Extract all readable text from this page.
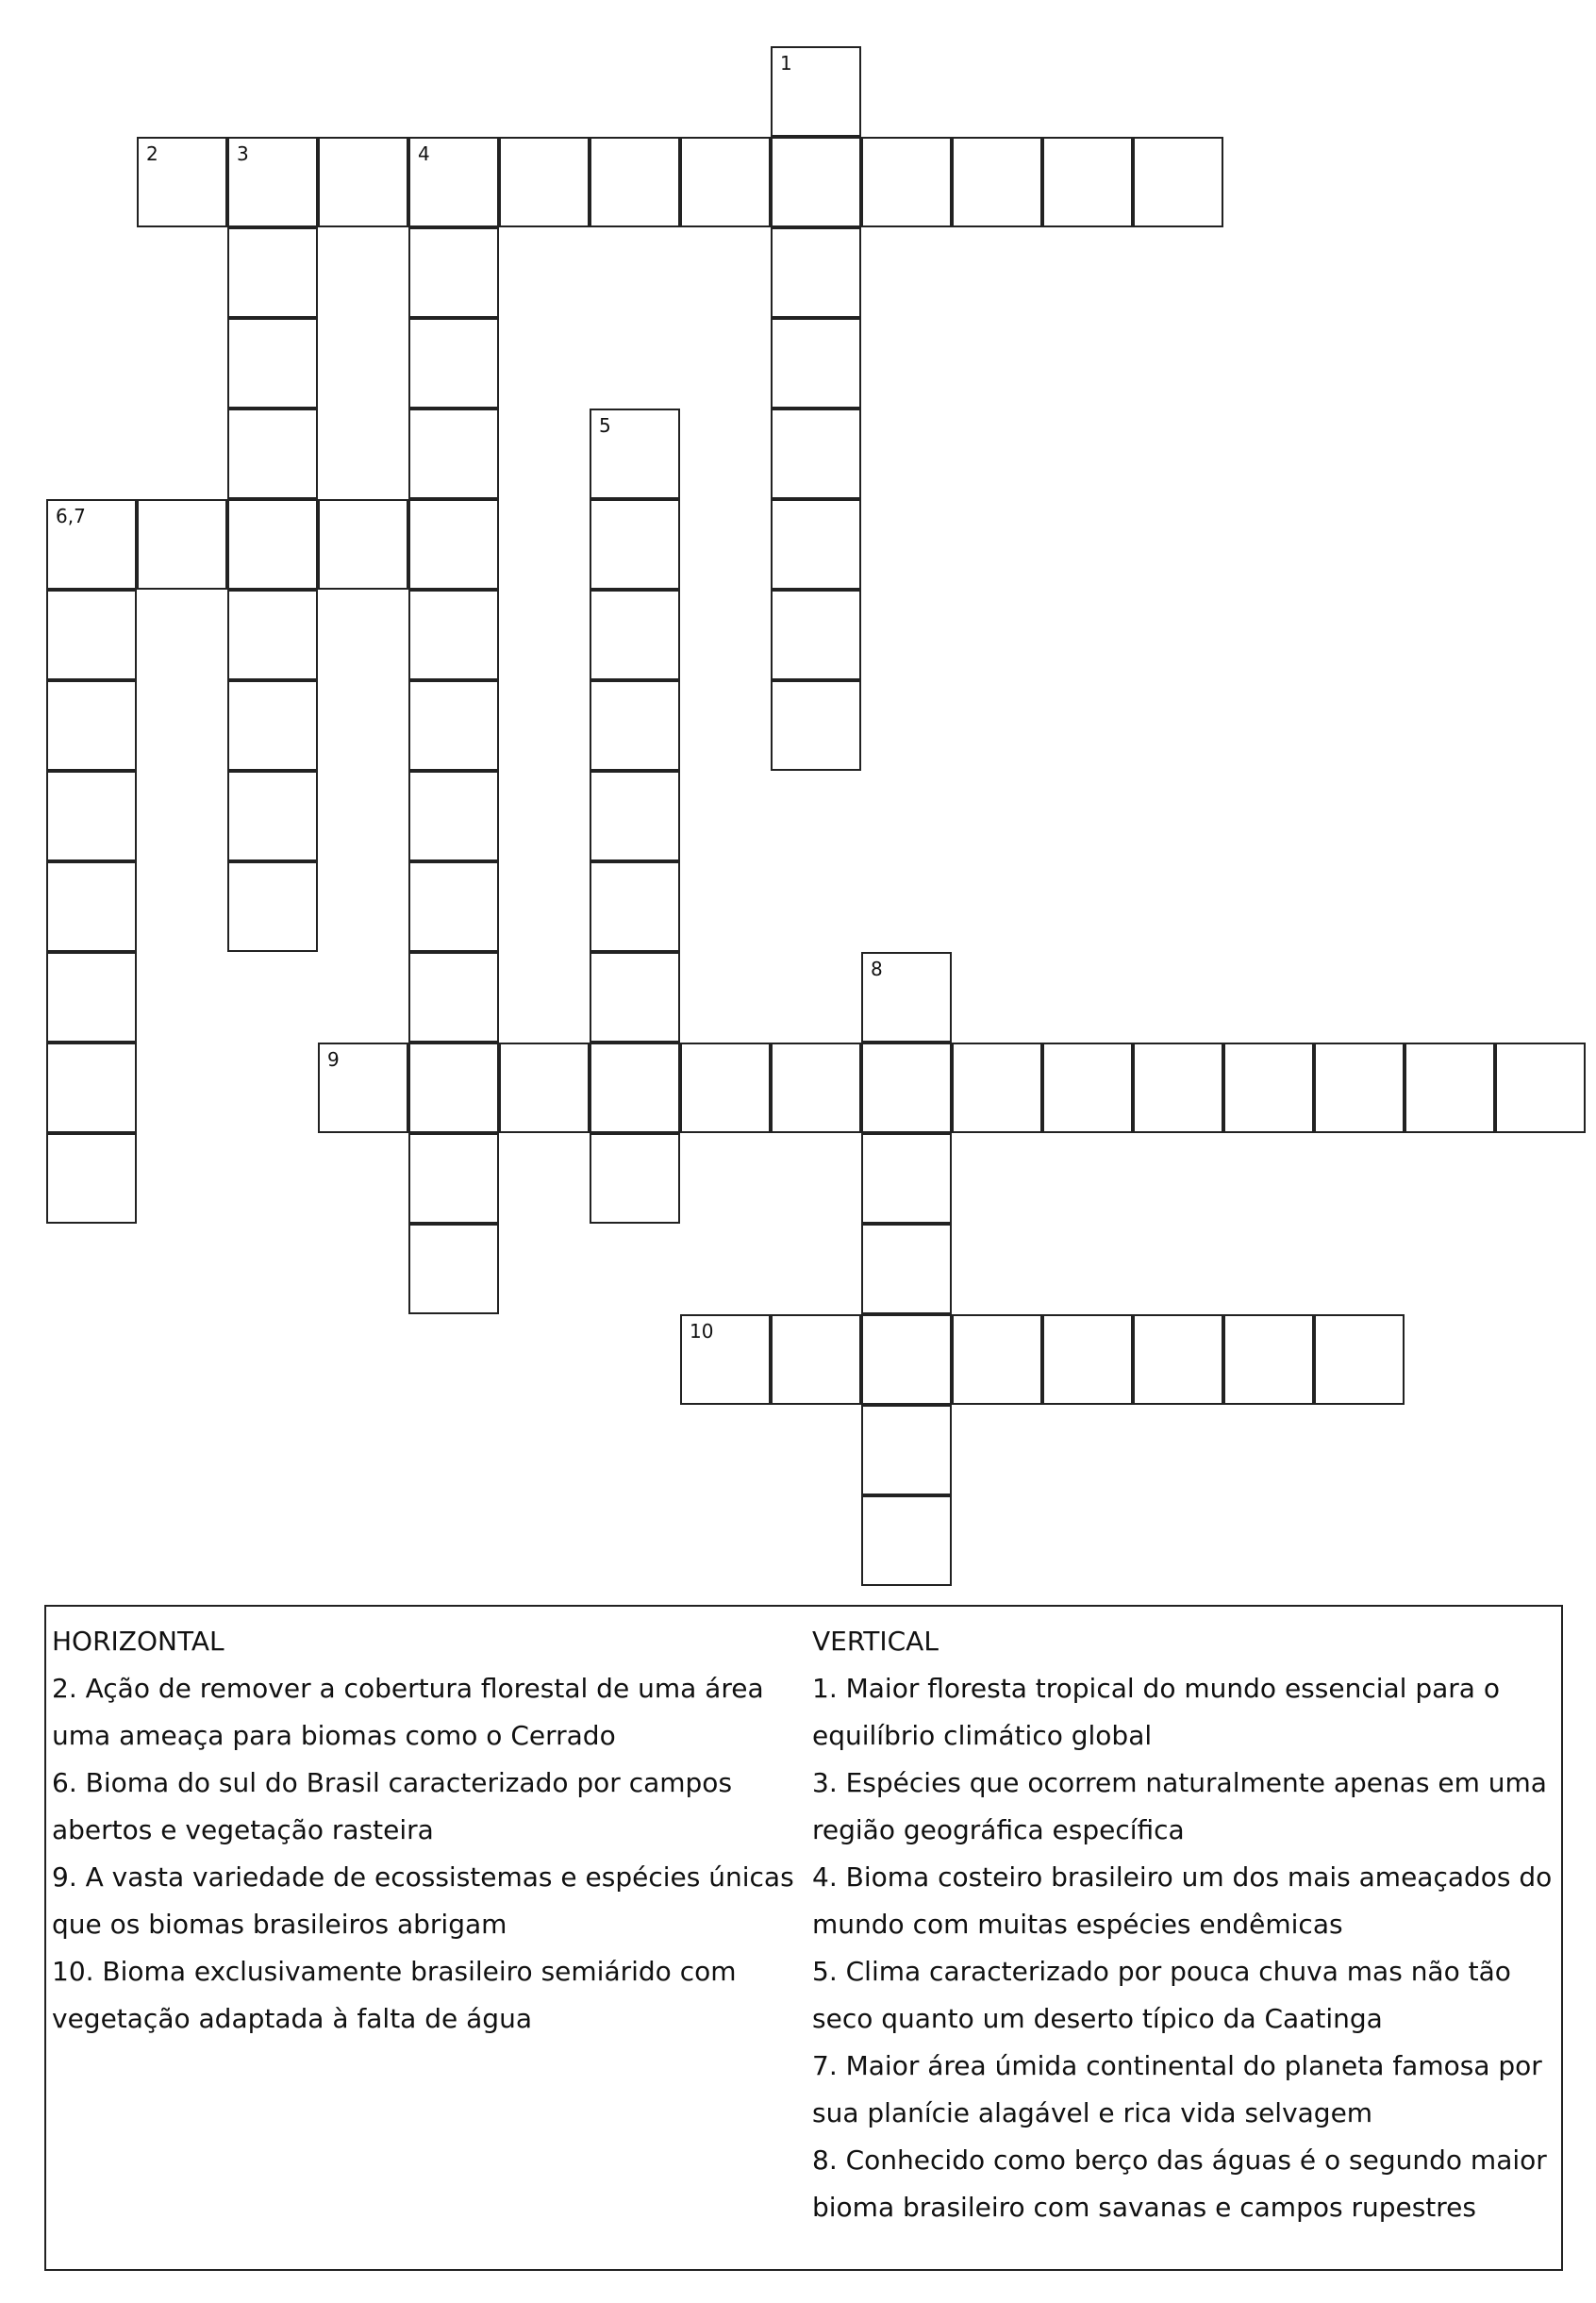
1
2	3	4
5
6,7
8
9
10
HORIZONTAL
2. Ação de remover a cobertura florestal de uma área uma ameaça para biomas como o Cerrado
6. Bioma do sul do Brasil caracterizado por campos abertos e vegetação rasteira
9. A vasta variedade de ecossistemas e espécies únicas que os biomas brasileiros abrigam
10. Bioma exclusivamente brasileiro semiárido com vegetação adaptada à falta de água
VERTICAL
1. Maior floresta tropical do mundo essencial para o equilíbrio climático global
3. Espécies que ocorrem naturalmente apenas em uma região geográfica específica
4. Bioma costeiro brasileiro um dos mais ameaçados do mundo com muitas espécies endêmicas
5. Clima caracterizado por pouca chuva mas não tão seco quanto um deserto típico da Caatinga
7. Maior área úmida continental do planeta famosa por sua planície alagável e rica vida selvagem
8. Conhecido como berço das águas é o segundo maior bioma brasileiro com savanas e campos rupestres
